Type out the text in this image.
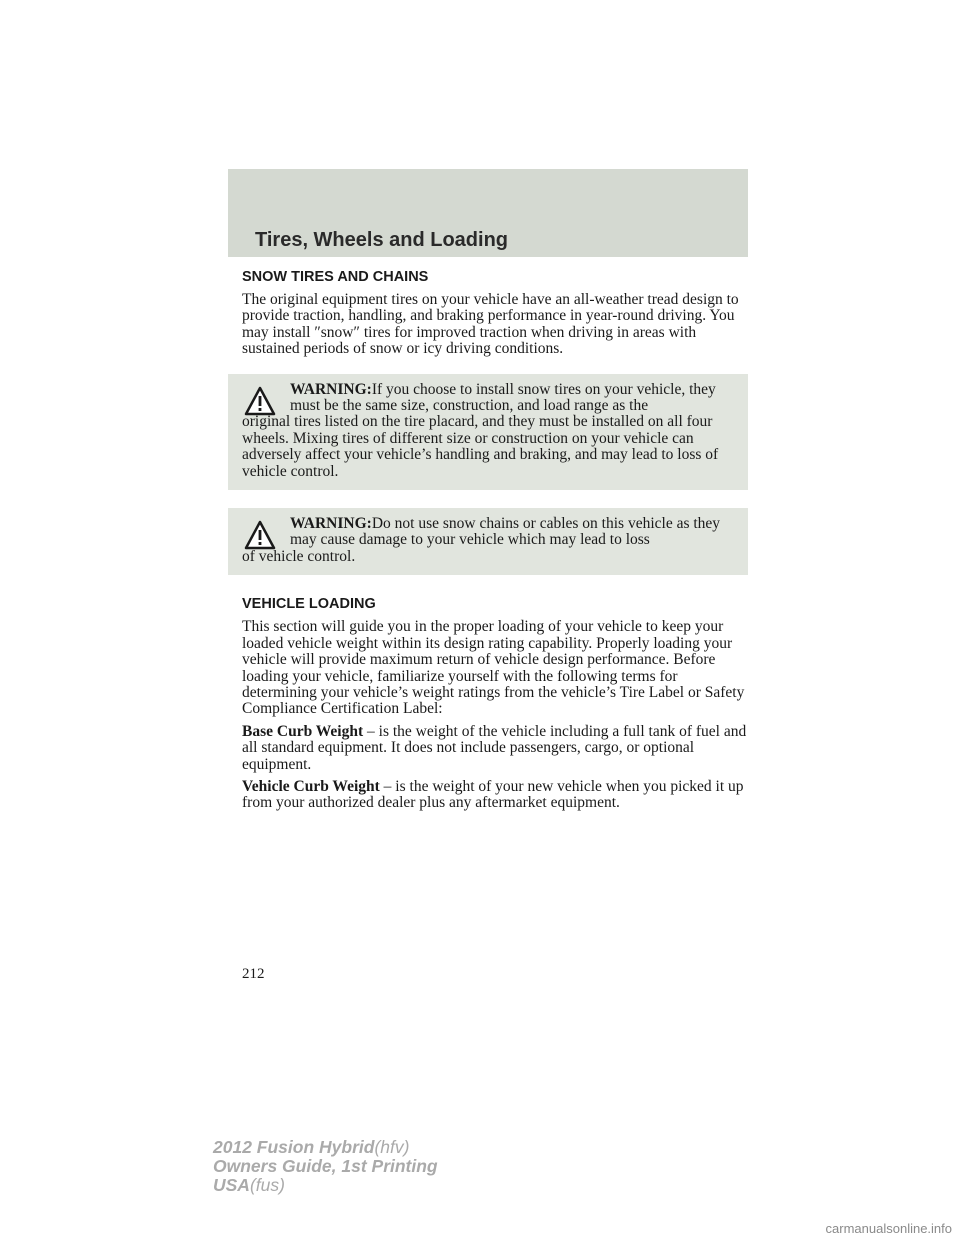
Tires, Wheels and Loading
SNOW TIRES AND CHAINS

The original equipment tires on your vehicle have an all-weather tread design to provide traction, handling, and braking performance in year-round driving. You may install ″snow″ tires for improved traction when driving in areas with sustained periods of snow or icy driving conditions.

WARNING:If you choose to install snow tires on your vehicle, they must be the same size, construction, and load range as the
original tires listed on the tire placard, and they must be installed on all four wheels. Mixing tires of different size or construction on your vehicle can adversely affect your vehicle’s handling and braking, and may lead to loss of vehicle control.
WARNING:Do not use snow chains or cables on this vehicle as they may cause damage to your vehicle which may lead to loss
of vehicle control.
VEHICLE LOADING

This section will guide you in the proper loading of your vehicle to keep your loaded vehicle weight within its design rating capability. Properly loading your vehicle will provide maximum return of vehicle design performance. Before loading your vehicle, familiarize yourself with the following terms for determining your vehicle’s weight ratings from the vehicle’s Tire Label or Safety Compliance Certification Label:

Base Curb Weight – is the weight of the vehicle including a full tank of fuel and all standard equipment. It does not include passengers, cargo, or optional equipment.

Vehicle Curb Weight – is the weight of your new vehicle when you picked it up from your authorized dealer plus any aftermarket equipment.

212
2012 Fusion Hybrid(hfv)
Owners Guide, 1st Printing
USA(fus)
carmanualsonline.info
